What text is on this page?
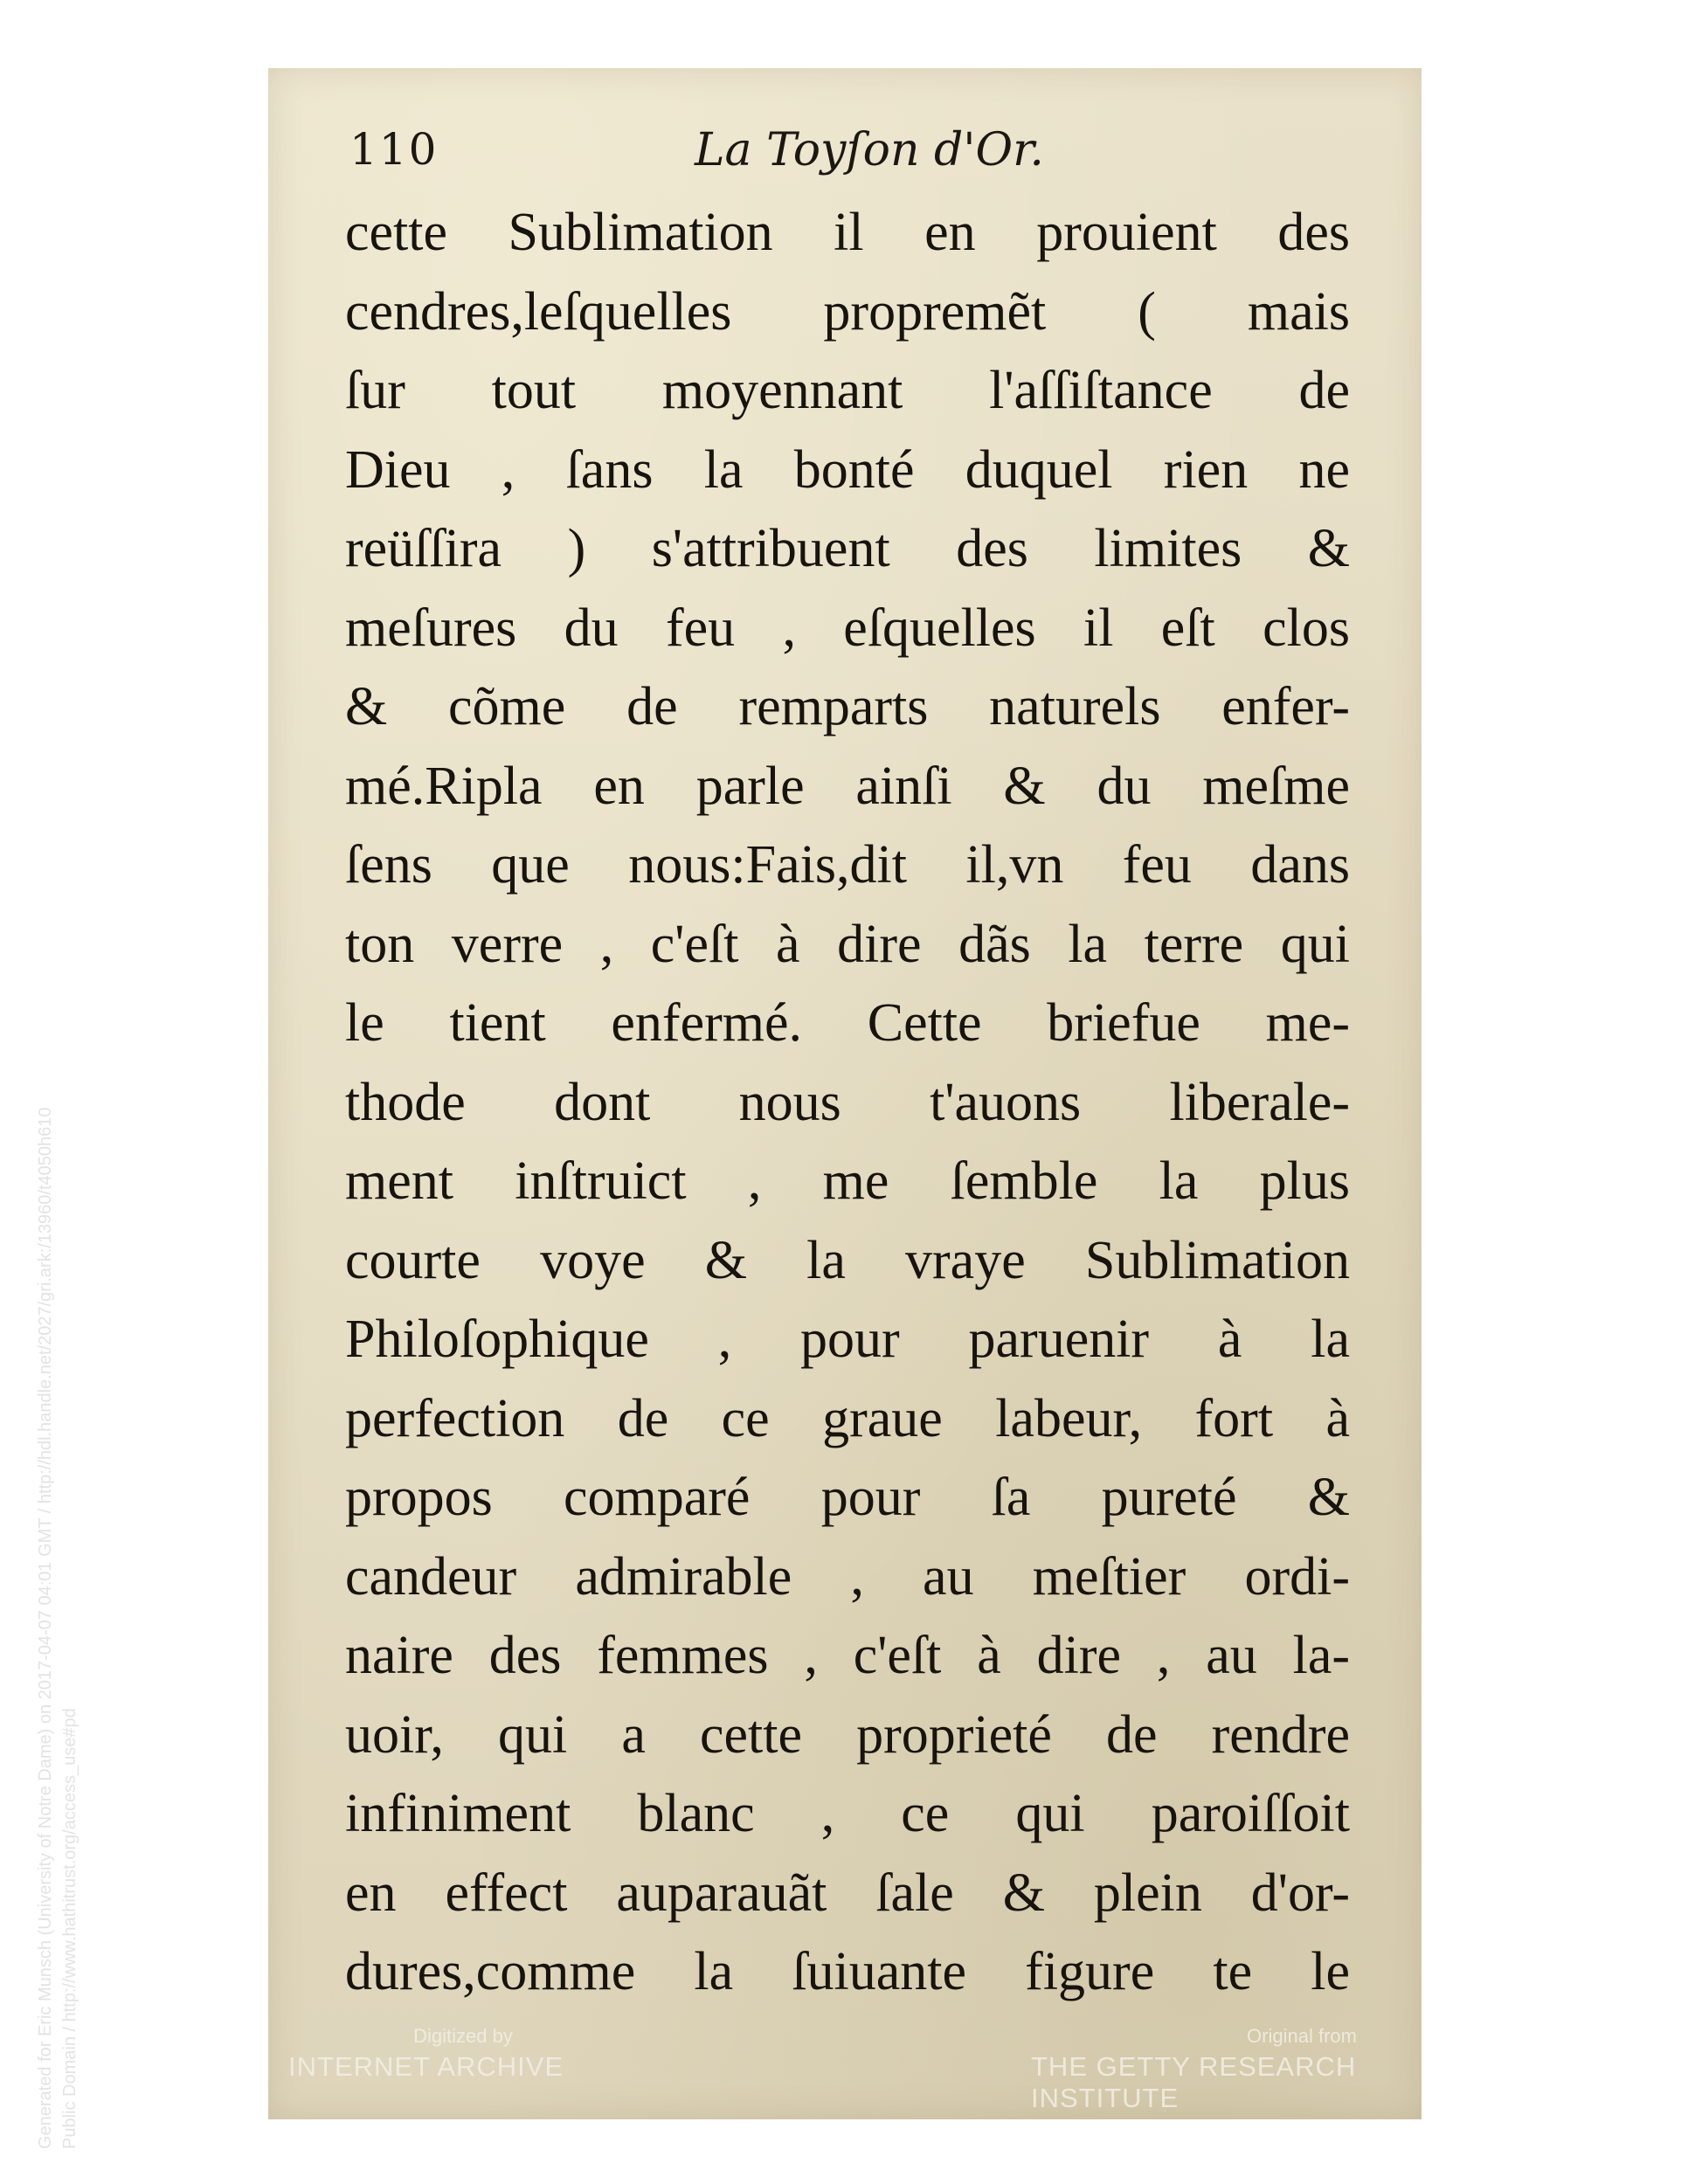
110	La Toyſon d'Or.
cette Sublimation il en prouient des
cendres,leſquelles propremẽt ( mais
ſur tout moyennant l'aſſiſtance de
Dieu , ſans la bonté duquel rien ne
reüſſira ) s'attribuent des limites &
meſures du feu , eſquelles il eſt clos
& cõme de remparts naturels enfer-
mé.Ripla en parle ainſi & du meſme
ſens que nous:Fais,dit il,vn feu dans
ton verre , c'eſt à dire dãs la terre qui
le tient enfermé. Cette briefue me-
thode dont nous t'auons liberale-
ment inſtruict , me ſemble la plus
courte voye & la vraye Sublimation
Philoſophique , pour paruenir à la
perfection de ce graue labeur, fort à
propos comparé pour ſa pureté &
candeur admirable , au meſtier ordi-
naire des femmes , c'eſt à dire , au la-
uoir, qui a cette proprieté de rendre
infiniment blanc , ce qui paroiſſoit
en effect auparauãt ſale & plein d'or-
dures,comme la ſuiuante figure te le
Digitized by
INTERNET ARCHIVE
Original from
THE GETTY RESEARCH INSTITUTE
Generated for Eric Munsch (University of Notre Dame) on 2017-04-07 04:01 GMT / http://hdl.handle.net/2027/gri.ark:/13960/t4050h610 Public Domain / http://www.hathitrust.org/access_use#pd
